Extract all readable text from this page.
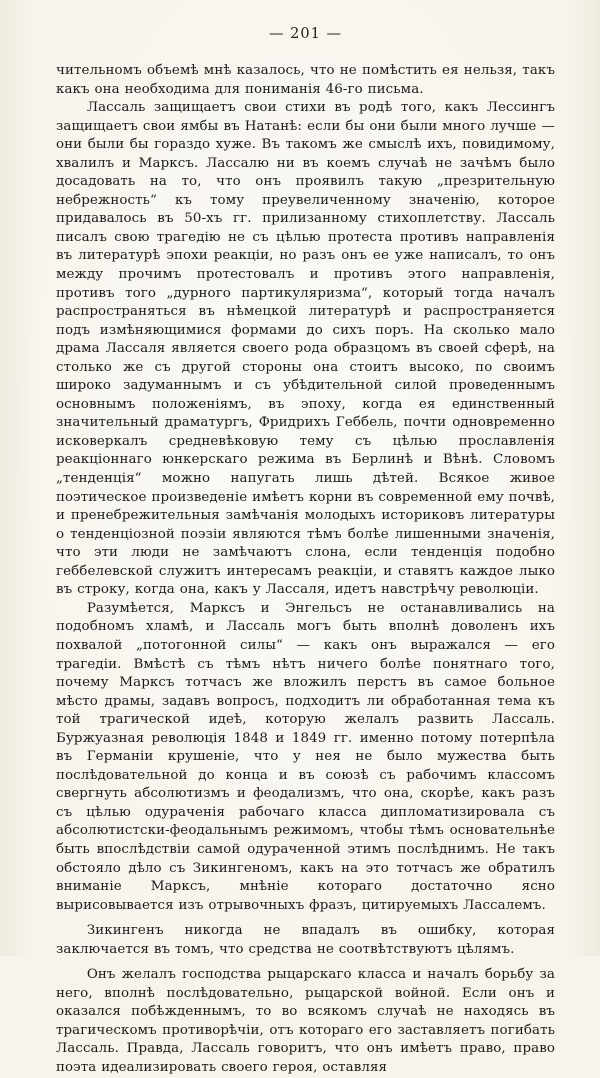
— 201 —

чительномъ объемѣ мнѣ казалось, что не помѣстить ея нельзя, такъ какъ она необходима для пониманія 46-го письма.

Лассаль защищаетъ свои стихи въ родѣ того, какъ Лессингъ защищаетъ свои ямбы въ Натанѣ: если бы они были много лучше — они были бы гораздо хуже. Въ такомъ же смыслѣ ихъ, повидимому, хвалилъ и Марксъ. Лассалю ни въ коемъ случаѣ не зачѣмъ было досадовать на то, что онъ проявилъ такую „презрительную небрежность“ къ тому преувеличенному значенію, которое придавалось въ 50-хъ гг. прилизанному стихоплетству. Лассаль писалъ свою трагедію не съ цѣлью протеста противъ направленія въ литературѣ эпохи реакціи, но разъ онъ ее уже написалъ, то онъ между прочимъ протестовалъ и противъ этого направленія, противъ того „дурного партикуляризма“, который тогда началъ распространяться въ нѣмецкой литературѣ и распространяется подъ измѣняющимися формами до сихъ поръ. На сколько мало драма Лассаля является своего рода образцомъ въ своей сферѣ, на столько же съ другой стороны она стоитъ высоко, по своимъ широко задуманнымъ и съ убѣдительной силой проведеннымъ основнымъ положеніямъ, въ эпоху, когда ея единственный значительный драматургъ, Фридрихъ Геббель, почти одновременно исковеркалъ средневѣковую тему съ цѣлью прославленія реакціоннаго юнкерскаго режима въ Берлинѣ и Вѣнѣ. Словомъ „тенденція“ можно напугать лишь дѣтей. Всякое живое поэтическое произведеніе имѣетъ корни въ современной ему почвѣ, и пренебрежительныя замѣчанія молодыхъ историковъ литературы о тенденціозной поэзіи являются тѣмъ болѣе лишенными значенія, что эти люди не замѣчаютъ слона, если тенденція подобно геббелевской служитъ интересамъ реакціи, и ставятъ каждое лыко въ строку, когда она, какъ у Лассаля, идетъ навстрѣчу революціи.

Разумѣется, Марксъ и Энгельсъ не останавливались на подобномъ хламѣ, и Лассаль могъ быть вполнѣ доволенъ ихъ похвалой „потогонной силы“ — какъ онъ выражался — его трагедіи. Вмѣстѣ съ тѣмъ нѣтъ ничего болѣе понятнаго того, почему Марксъ тотчасъ же вложилъ перстъ въ самое больное мѣсто драмы, задавъ вопросъ, подходитъ ли обработанная тема къ той трагической идеѣ, которую желалъ развить Лассаль. Буржуазная революція 1848 и 1849 гг. именно потому потерпѣла въ Германіи крушеніе, что у нея не было мужества быть послѣдовательной до конца и въ союзѣ съ рабочимъ классомъ свергнуть абсолютизмъ и феодализмъ, что она, скорѣе, какъ разъ съ цѣлью одураченія рабочаго класса дипломатизировала съ абсолютистски-феодальнымъ режимомъ, чтобы тѣмъ основательнѣе быть впослѣдствіи самой одураченной этимъ послѣднимъ. Не такъ обстояло дѣло съ Зикингеномъ, какъ на это тотчасъ же обратилъ вниманіе Марксъ, мнѣніе котораго достаточно ясно вырисовывается изъ отрывочныхъ фразъ, цитируемыхъ Лассалемъ.

Зикингенъ никогда не впадалъ въ ошибку, которая заключается въ томъ, что средства не соотвѣтствуютъ цѣлямъ.

Онъ желалъ господства рыцарскаго класса и началъ борьбу за него, вполнѣ послѣдовательно, рыцарской войной. Если онъ и оказался побѣжденнымъ, то во всякомъ случаѣ не находясь въ трагическомъ противорѣчіи, отъ котораго его заставляетъ погибать Лассаль. Правда, Лассаль говоритъ, что онъ имѣетъ право, право поэта идеализировать своего героя, оставляя
